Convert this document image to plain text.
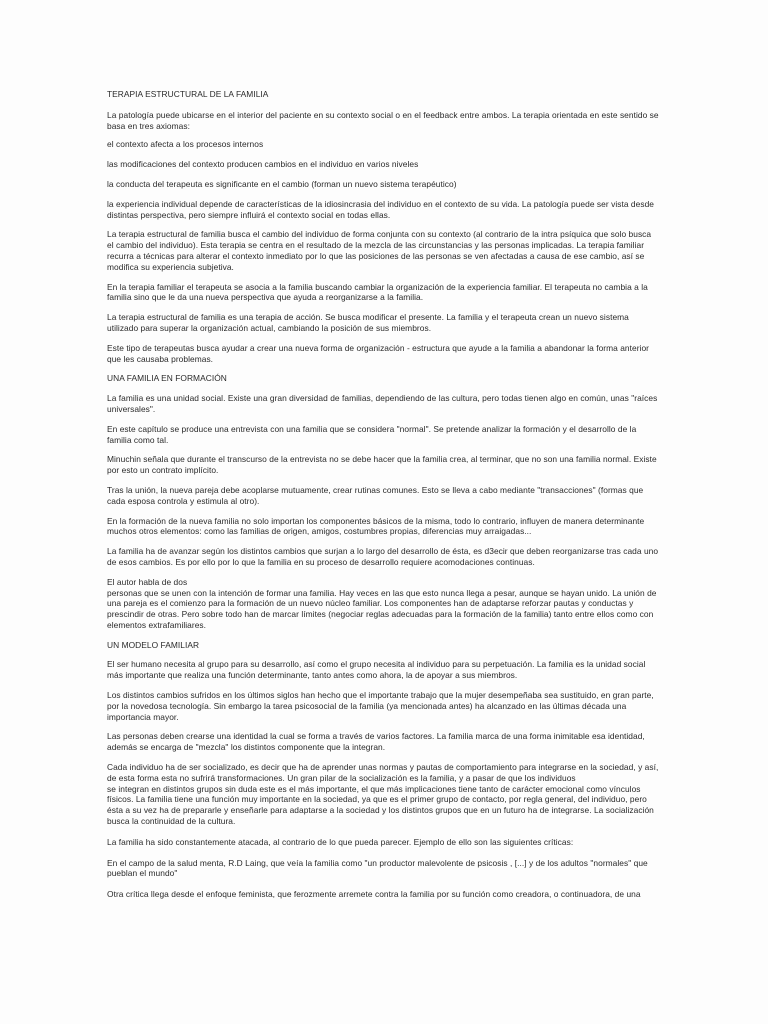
TERAPIA ESTRUCTURAL DE LA FAMILIA

La patología puede ubicarse en el interior del paciente en su contexto social o en el feedback entre ambos. La terapia orientada en este sentido se basa en tres axiomas:

el contexto afecta a los procesos internos

las modificaciones del contexto producen cambios en el individuo en varios niveles

la conducta del terapeuta es significante en el cambio (forman un nuevo sistema terapéutico)

la experiencia individual depende de características de la idiosincrasia del individuo en el contexto de su vida. La patología puede ser vista desde distintas perspectiva, pero siempre influirá el contexto social en todas ellas.

La terapia estructural de familia busca el cambio del individuo de forma conjunta con su contexto (al contrario de la intra psíquica que solo busca el cambio del individuo). Esta terapia se centra en el resultado de la mezcla de las circunstancias y las personas implicadas. La terapia familiar recurra a técnicas para alterar el contexto inmediato por lo que las posiciones de las personas se ven afectadas a causa de ese cambio, así se modifica su experiencia subjetiva.

En la terapia familiar el terapeuta se asocia a la familia buscando cambiar la organización de la experiencia familiar. El terapeuta no cambia a la familia sino que le da una nueva perspectiva que ayuda a reorganizarse a la familia.

La terapia estructural de familia es una terapia de acción. Se busca modificar el presente. La familia y el terapeuta crean un nuevo sistema utilizado para superar la organización actual, cambiando la posición de sus miembros.

Este tipo de terapeutas busca ayudar a crear una nueva forma de organización - estructura que ayude a la familia a abandonar la forma anterior que les causaba problemas.

UNA FAMILIA EN FORMACIÓN

La familia es una unidad social. Existe una gran diversidad de familias, dependiendo de las cultura, pero todas tienen algo en común, unas "raíces universales".

En este capítulo se produce una entrevista con una familia que se considera "normal". Se pretende analizar la formación y el desarrollo de la familia como tal.

Minuchin señala que durante el transcurso de la entrevista no se debe hacer que la familia crea, al terminar, que no son una familia normal. Existe por esto un contrato implícito.

Tras la unión, la nueva pareja debe acoplarse mutuamente, crear rutinas comunes. Esto se lleva a cabo mediante "transacciones" (formas que cada esposa controla y estimula al otro).

En la formación de la nueva familia no solo importan los componentes básicos de la misma, todo lo contrario, influyen de manera determinante muchos otros elementos: como las familias de origen, amigos, costumbres propias, diferencias muy arraigadas...

La familia ha de avanzar según los distintos cambios que surjan a lo largo del desarrollo de ésta, es d3ecir que deben reorganizarse tras cada uno de esos cambios. Es por ello por lo que la familia en su proceso de desarrollo requiere acomodaciones continuas.

El autor habla de dos
personas que se unen con la intención de formar una familia. Hay veces en las que esto nunca llega a pesar, aunque se hayan unido. La unión de una pareja es el comienzo para la formación de un nuevo núcleo familiar. Los componentes han de adaptarse reforzar pautas y conductas y prescindir de otras. Pero sobre todo han de marcar límites (negociar reglas adecuadas para la formación de la familia) tanto entre ellos como con elementos extrafamiliares.

UN MODELO FAMILIAR

El ser humano necesita al grupo para su desarrollo, así como el grupo necesita al individuo para su perpetuación. La familia es la unidad social más importante que realiza una función determinante, tanto antes como ahora, la de apoyar a sus miembros.

Los distintos cambios sufridos en los últimos siglos han hecho que el importante trabajo que la mujer desempeñaba sea sustituido, en gran parte, por la novedosa tecnología. Sin embargo la tarea psicosocial de la familia (ya mencionada antes) ha alcanzado en las últimas década una importancia mayor.

Las personas deben crearse una identidad la cual se forma a través de varios factores. La familia marca de una forma inimitable esa identidad, además se encarga de "mezcla" los distintos componente que la integran.

Cada individuo ha de ser socializado, es decir que ha de aprender unas normas y pautas de comportamiento para integrarse en la sociedad, y así, de esta forma esta no sufrirá transformaciones. Un gran pilar de la socialización es la familia, y a pasar de que los individuos
se integran en distintos grupos sin duda este es el más importante, el que más implicaciones tiene tanto de carácter emocional como vínculos físicos. La familia tiene una función muy importante en la sociedad, ya que es el primer grupo de contacto, por regla general, del individuo, pero ésta a su vez ha de prepararle y enseñarle para adaptarse a la sociedad y los distintos grupos que en un futuro ha de integrarse. La socialización busca la continuidad de la cultura.

La familia ha sido constantemente atacada, al contrario de lo que pueda parecer. Ejemplo de ello son las siguientes críticas:

En el campo de la salud menta, R.D Laing, que veía la familia como "un productor malevolente de psicosis , [...] y de los adultos "normales" que pueblan el mundo"

Otra crítica llega desde el enfoque feminista, que ferozmente arremete contra la familia por su función como creadora, o continuadora, de una
